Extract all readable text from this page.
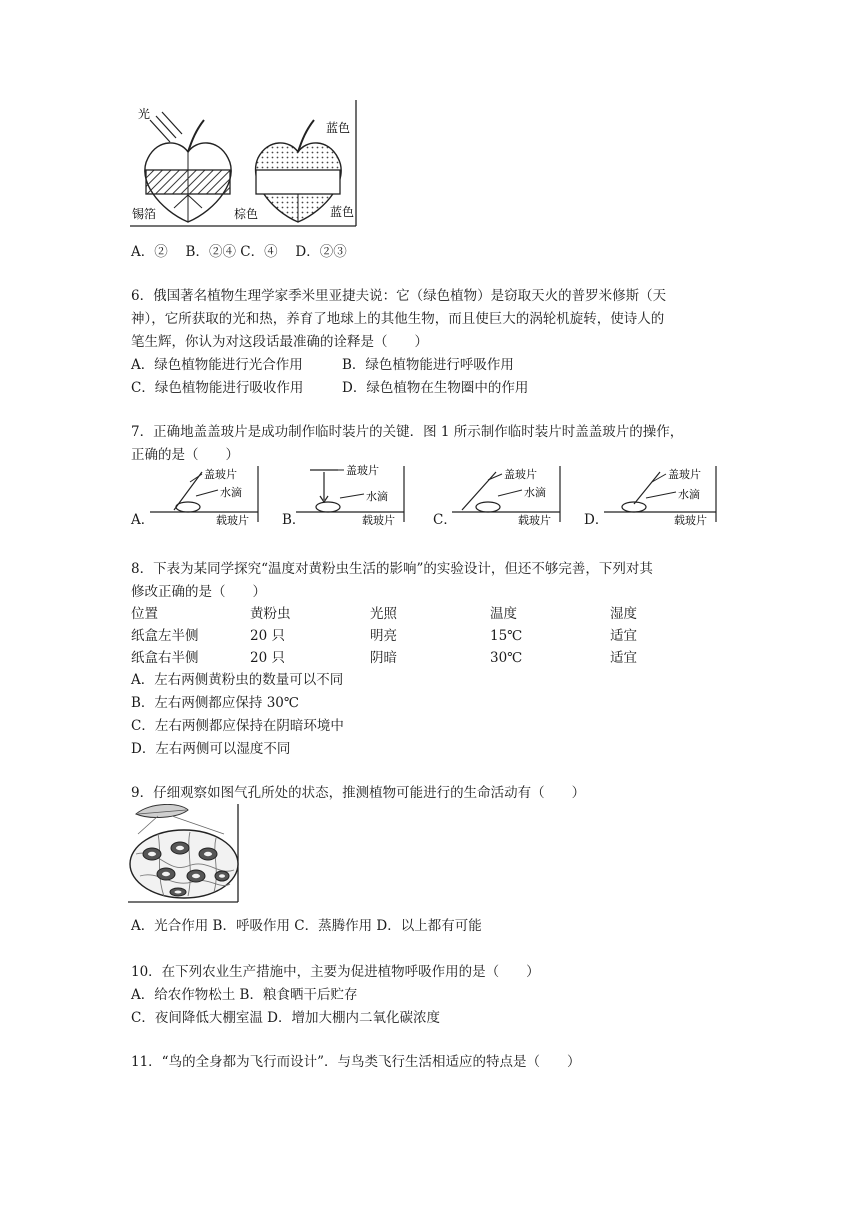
光
蓝色
锡箔	棕色	蓝色
A．②　 B．②④ C．④　 D．②③
6．俄国著名植物生理学家季米里亚捷夫说：它（绿色植物）是窃取天火的普罗米修斯（天
神），它所获取的光和热，养育了地球上的其他生物，而且使巨大的涡轮机旋转，使诗人的
笔生辉，你认为对这段话最准确的诠释是（　　）
A．绿色植物能进行光合作用	B．绿色植物能进行呼吸作用
C．绿色植物能进行吸收作用	D．绿色植物在生物圈中的作用
7．正确地盖盖玻片是成功制作临时装片的关键．图 1 所示制作临时装片时盖盖玻片的操作，
正确的是（　　）
A．
盖玻片
水滴
载玻片 B．
盖玻片
水滴
载玻片	C．
盖玻片
水滴
载玻片 D．
盖玻片
水滴
载玻片
8．下表为某同学探究“温度对黄粉虫生活的影响”的实验设计，但还不够完善，下列对其
修改正确的是（　　）
位置	黄粉虫	光照	温度	湿度
纸盒左半侧	20 只	明亮	15℃	适宜
纸盒右半侧	20 只	阴暗	30℃	适宜
A．左右两侧黄粉虫的数量可以不同
B．左右两侧都应保持 30℃
C．左右两侧都应保持在阴暗环境中
D．左右两侧可以湿度不同
9．仔细观察如图气孔所处的状态，推测植物可能进行的生命活动有（　　）
A．光合作用 B．呼吸作用 C．蒸腾作用 D．以上都有可能
10．在下列农业生产措施中，主要为促进植物呼吸作用的是（　　）
A．给农作物松土 B．粮食晒干后贮存
C．夜间降低大棚室温 D．增加大棚内二氧化碳浓度
11．“鸟的全身都为飞行而设计”．与鸟类飞行生活相适应的特点是（　　）
